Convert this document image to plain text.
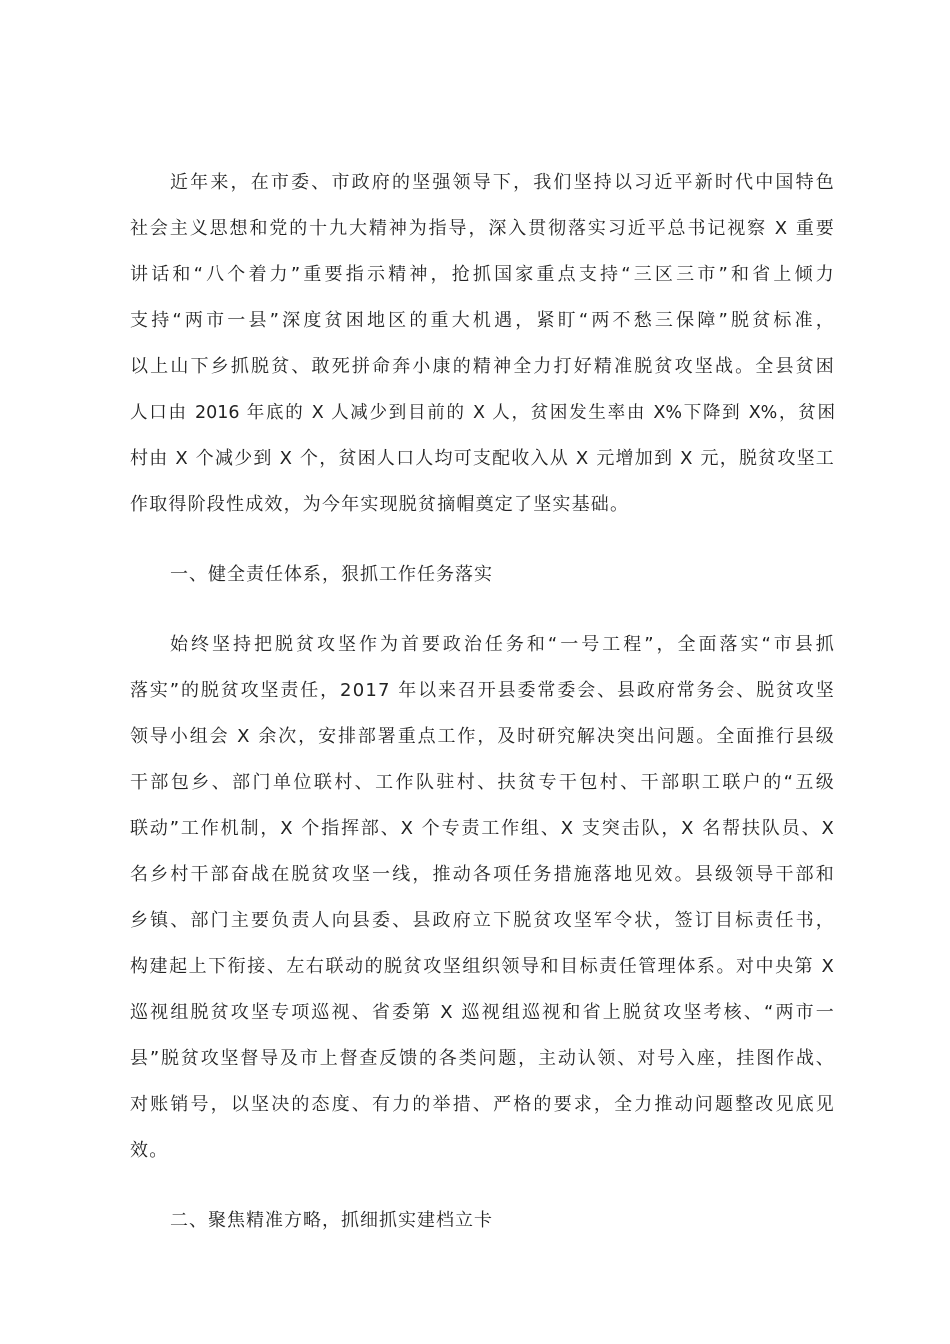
近年来，在市委、市政府的坚强领导下，我们坚持以习近平新时代中国特色
社会主义思想和党的十九大精神为指导，深入贯彻落实习近平总书记视察 X 重要
讲话和“八个着力”重要指示精神，抢抓国家重点支持“三区三市”和省上倾力
支持“两市一县”深度贫困地区的重大机遇，紧盯“两不愁三保障”脱贫标准，
以上山下乡抓脱贫、敢死拼命奔小康的精神全力打好精准脱贫攻坚战。全县贫困
人口由 2016 年底的 X 人减少到目前的 X 人，贫困发生率由 X%下降到 X%，贫困
村由 X 个减少到 X 个，贫困人口人均可支配收入从 X 元增加到 X 元，脱贫攻坚工
作取得阶段性成效，为今年实现脱贫摘帽奠定了坚实基础。
一、健全责任体系，狠抓工作任务落实
始终坚持把脱贫攻坚作为首要政治任务和“一号工程”，全面落实“市县抓
落实”的脱贫攻坚责任，2017 年以来召开县委常委会、县政府常务会、脱贫攻坚
领导小组会 X 余次，安排部署重点工作，及时研究解决突出问题。全面推行县级
干部包乡、部门单位联村、工作队驻村、扶贫专干包村、干部职工联户的“五级
联动”工作机制，X 个指挥部、X 个专责工作组、X 支突击队，X 名帮扶队员、X
名乡村干部奋战在脱贫攻坚一线，推动各项任务措施落地见效。县级领导干部和
乡镇、部门主要负责人向县委、县政府立下脱贫攻坚军令状，签订目标责任书，
构建起上下衔接、左右联动的脱贫攻坚组织领导和目标责任管理体系。对中央第 X
巡视组脱贫攻坚专项巡视、省委第 X 巡视组巡视和省上脱贫攻坚考核、“两市一
县”脱贫攻坚督导及市上督查反馈的各类问题，主动认领、对号入座，挂图作战、
对账销号，以坚决的态度、有力的举措、严格的要求，全力推动问题整改见底见
效。
二、聚焦精准方略，抓细抓实建档立卡
